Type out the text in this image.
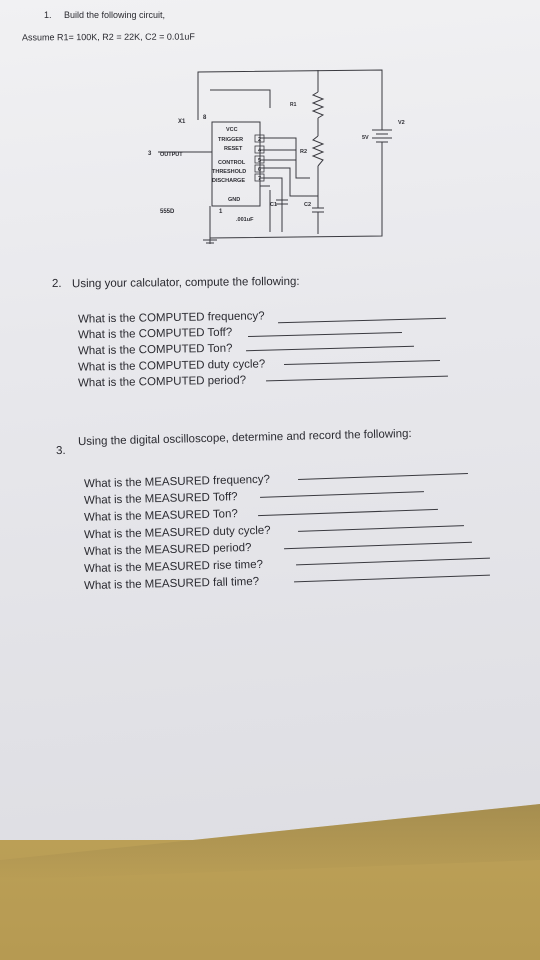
1. Build the following circuit,
Assume R1= 100K, R2 = 22K, C2 = 0.01uF
X1
8
VCC
TRIGGER
OUTPUT
RESET
CONTROL
THRESHOLD
DISCHARGE
GND
3
2
4
5
6
7
1
555D
R1
R2
C1
.001uF
C2
V2
5V
2. Using your calculator, compute the following:
What is the COMPUTED frequency?
What is the COMPUTED Toff?
What is the COMPUTED Ton?
What is the COMPUTED duty cycle?
What is the COMPUTED period?
3.
Using the digital oscilloscope, determine and record the following:
What is the MEASURED frequency?
What is the MEASURED Toff?
What is the MEASURED Ton?
What is the MEASURED duty cycle?
What is the MEASURED period?
What is the MEASURED rise time?
What is the MEASURED fall time?
